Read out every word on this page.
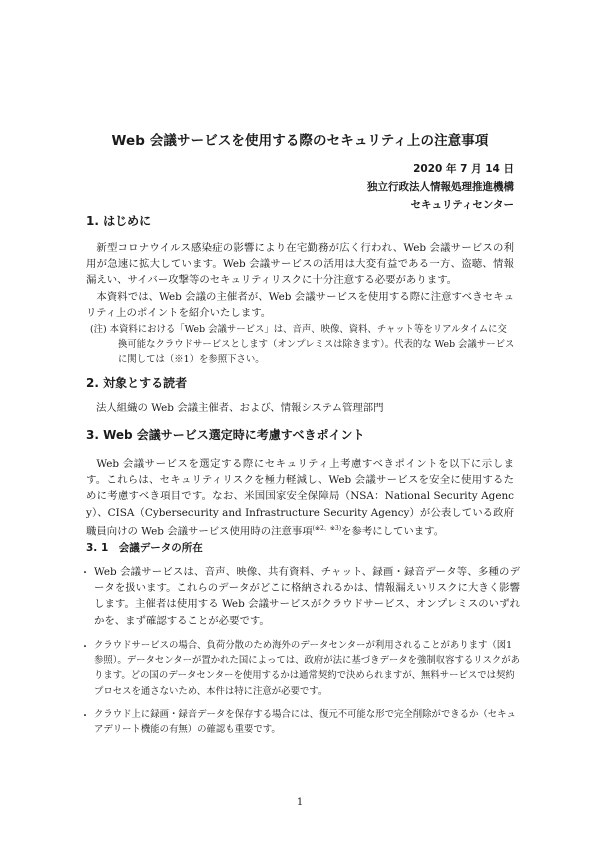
Web 会議サービスを使用する際のセキュリティ上の注意事項
2020 年 7 月 14 日
独立行政法人情報処理推進機構
セキュリティセンター
1. はじめに

新型コロナウイルス感染症の影響により在宅勤務が広く行われ、Web 会議サービスの利用が急速に拡大しています。Web 会議サービスの活用は大変有益である一方、盗聴、情報漏えい、サイバー攻撃等のセキュリティリスクに十分注意する必要があります。

本資料では、Web 会議の主催者が、Web 会議サービスを使用する際に注意すべきセキュリティ上のポイントを紹介いたします。

(注) 本資料における「Web 会議サービス」は、音声、映像、資料、チャット等をリアルタイムに交換可能なクラウドサービスとします（オンプレミスは除きます）。代表的な Web 会議サービスに関しては（※1）を参照下さい。

2. 対象とする読者

法人組織の Web 会議主催者、および、情報システム管理部門

3. Web 会議サービス選定時に考慮すべきポイント

Web 会議サービスを選定する際にセキュリティ上考慮すべきポイントを以下に示します。これらは、セキュリティリスクを極力軽減し、Web 会議サービスを安全に使用するために考慮すべき項目です。なお、米国国家安全保障局（NSA：National Security Agency）、CISA（Cybersecurity and Infrastructure Security Agency）が公表している政府職員向けの Web 会議サービス使用時の注意事項$^{(※2、※3)}$を参考にしています。

3. 1　会議データの所在
・ Web 会議サービスは、音声、映像、共有資料、チャット、録画・録音データ等、多種のデータを扱います。これらのデータがどこに格納されるかは、情報漏えいリスクに大きく影響します。主催者は使用する Web 会議サービスがクラウドサービス、オンプレミスのいずれかを、まず確認することが必要です。

・ クラウドサービスの場合、負荷分散のため海外のデータセンターが利用されることがあります（図1参照）。データセンターが置かれた国によっては、政府が法に基づきデータを強制収容するリスクがあります。どの国のデータセンターを使用するかは通常契約で決められますが、無料サービスでは契約プロセスを通さないため、本件は特に注意が必要です。

・ クラウド上に録画・録音データを保存する場合には、復元不可能な形で完全削除ができるか（セキュアデリート機能の有無）の確認も重要です。

1
